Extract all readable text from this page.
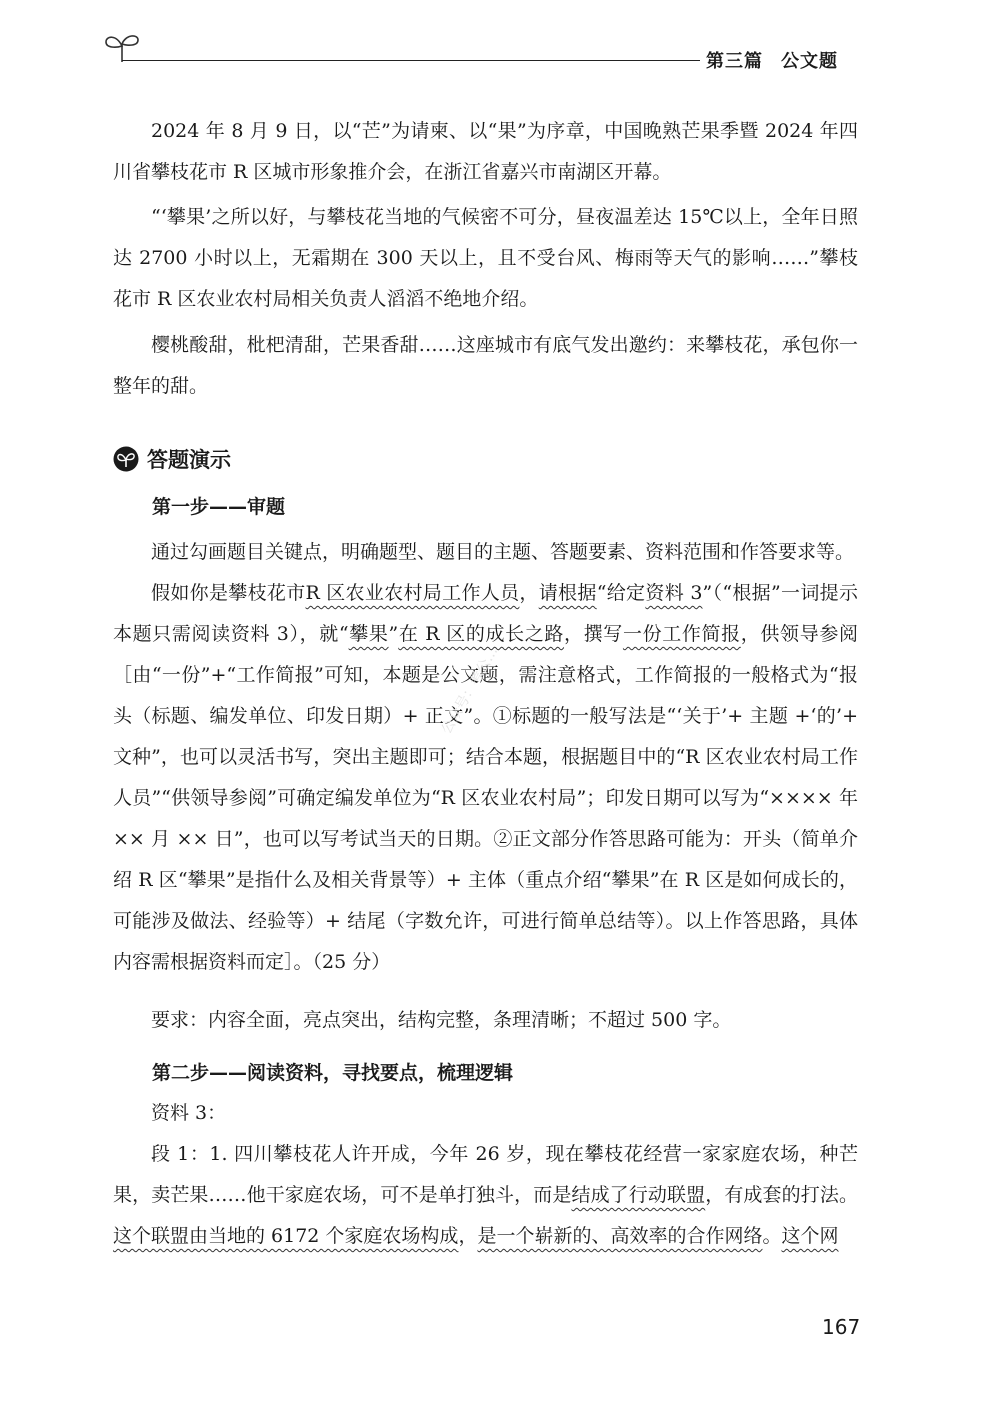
第三篇 公文题

2024 年 8 月 9 日，以“芒”为请柬、以“果”为序章，中国晚熟芒果季暨 2024 年四川省攀枝花市 R 区城市形象推介会，在浙江省嘉兴市南湖区开幕。

“‘攀果’之所以好，与攀枝花当地的气候密不可分，昼夜温差达 15℃以上，全年日照达 2700 小时以上，无霜期在 300 天以上，且不受台风、梅雨等天气的影响……”攀枝花市 R 区农业农村局相关负责人滔滔不绝地介绍。

樱桃酸甜，枇杷清甜，芒果香甜……这座城市有底气发出邀约：来攀枝花，承包你一整年的甜。

答题演示
第一步——审题

通过勾画题目关键点，明确题型、题目的主题、答题要素、资料范围和作答要求等。

假如你是攀枝花市R 区农业农村局工作人员，请根据“给定资料 3”（“根据”一词提示本题只需阅读资料 3），就“攀果”在 R 区的成长之路，撰写一份工作简报，供领导参阅［由“一份”+“工作简报”可知，本题是公文题，需注意格式，工作简报的一般格式为“报头（标题、编发单位、印发日期）+ 正文”。①标题的一般写法是“‘关于’+ 主题 +‘的’+ 文种”，也可以灵活书写，突出主题即可；结合本题，根据题目中的“R 区农业农村局工作人员”“供领导参阅”可确定编发单位为“R 区农业农村局”；印发日期可以写为“×××× 年 ×× 月 ×× 日”，也可以写考试当天的日期。②正文部分作答思路可能为：开头（简单介绍 R 区“攀果”是指什么及相关背景等）+ 主体（重点介绍“攀果”在 R 区是如何成长的，可能涉及做法、经验等）+ 结尾（字数允许，可进行简单总结等）。以上作答思路，具体内容需根据资料而定］。（25 分）

要求：内容全面，亮点突出，结构完整，条理清晰；不超过 500 字。

第二步——阅读资料，寻找要点，梳理逻辑

资料 3：

段 1：1. 四川攀枝花人许开成，今年 26 岁，现在攀枝花经营一家家庭农场，种芒果，卖芒果……他干家庭农场，可不是单打独斗，而是结成了行动联盟，有成套的打法。这个联盟由当地的 6172 个家庭农场构成，是一个崭新的、高效率的合作网络。这个网

公众号：考公…
167
